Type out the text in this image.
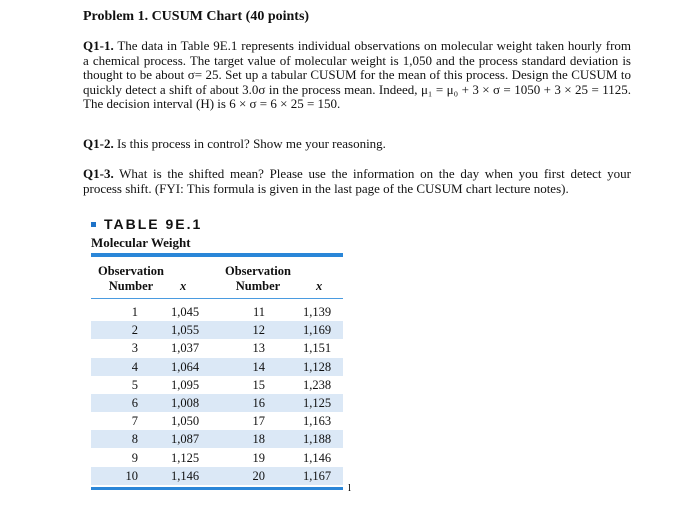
Problem 1. CUSUM Chart (40 points)
Q1-1. The data in Table 9E.1 represents individual observations on molecular weight taken hourly from a chemical process. The target value of molecular weight is 1,050 and the process standard deviation is thought to be about σ= 25. Set up a tabular CUSUM for the mean of this process. Design the CUSUM to quickly detect a shift of about 3.0σ in the process mean. Indeed, μ₁ = μ₀ + 3 × σ = 1050 + 3 × 25 = 1125. The decision interval (H) is 6 × σ = 6 × 25 = 150.
Q1-2. Is this process in control? Show me your reasoning.
Q1-3. What is the shifted mean? Please use the information on the day when you first detect your process shift. (FYI: This formula is given in the last page of the CUSUM chart lecture notes).
TABLE 9E.1
Molecular Weight
Observation
Number	x
Observation
Number	x
1	1,045	11	1,139
2	1,055	12	1,169
3	1,037	13	1,151
4	1,064	14	1,128
5	1,095	15	1,238
6	1,008	16	1,125
7	1,050	17	1,163
8	1,087	18	1,188
9	1,125	19	1,146
10	1,146	20	1,167
l
